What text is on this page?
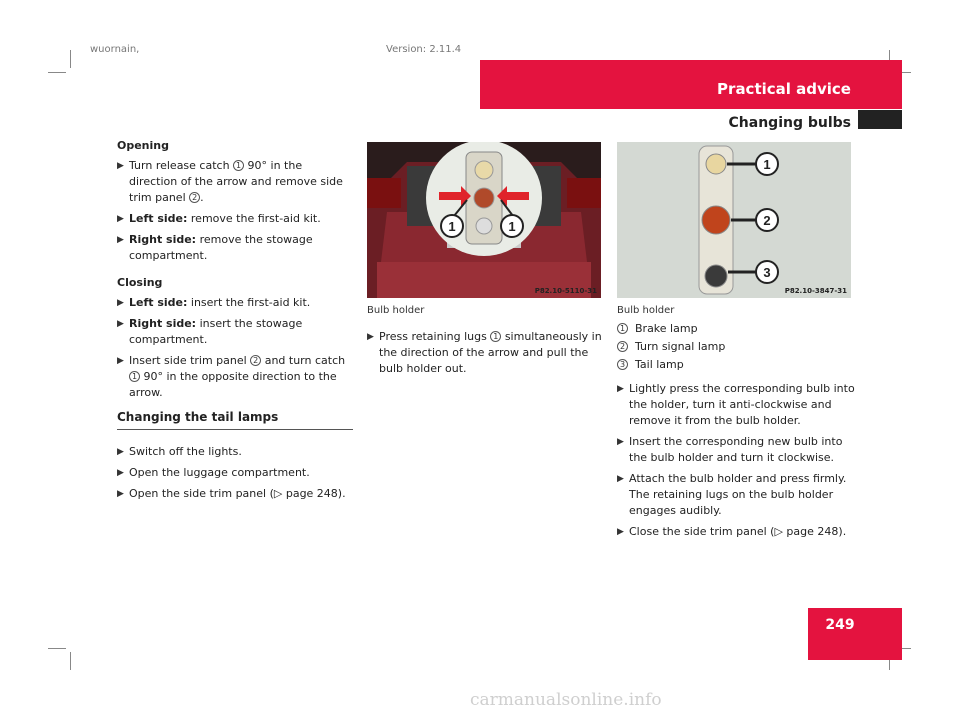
wuornain,	Version: 2.11.4
Practical advice
Changing bulbs
Opening
▶ Turn release catch 1 90° in the direction of the arrow and remove side trim panel 2 .
▶ Left side: remove the first-aid kit.
▶ Right side: remove the stowage compartment.
Closing
▶ Left side: insert the first-aid kit.
▶ Right side: insert the stowage compartment.
▶ Insert side trim panel 2 and turn catch 1 90° in the opposite direction to the arrow.
Changing the tail lamps
▶ Switch off the lights.
▶ Open the luggage compartment.
▶ Open the side trim panel (▷ page 248).
1	1
P82.10-5110-31
Bulb holder
▶ Press retaining lugs 1 simultaneously in the direction of the arrow and pull the bulb holder out.
1
2
3
P82.10-3847-31
Bulb holder
1 Brake lamp
2 Turn signal lamp
3 Tail lamp
▶ Lightly press the corresponding bulb into the holder, turn it anti-clockwise and remove it from the bulb holder.
▶ Insert the corresponding new bulb into the bulb holder and turn it clockwise.
▶ Attach the bulb holder and press firmly. The retaining lugs on the bulb holder engages audibly.
▶ Close the side trim panel (▷ page 248).
249
carmanualsonline.info
